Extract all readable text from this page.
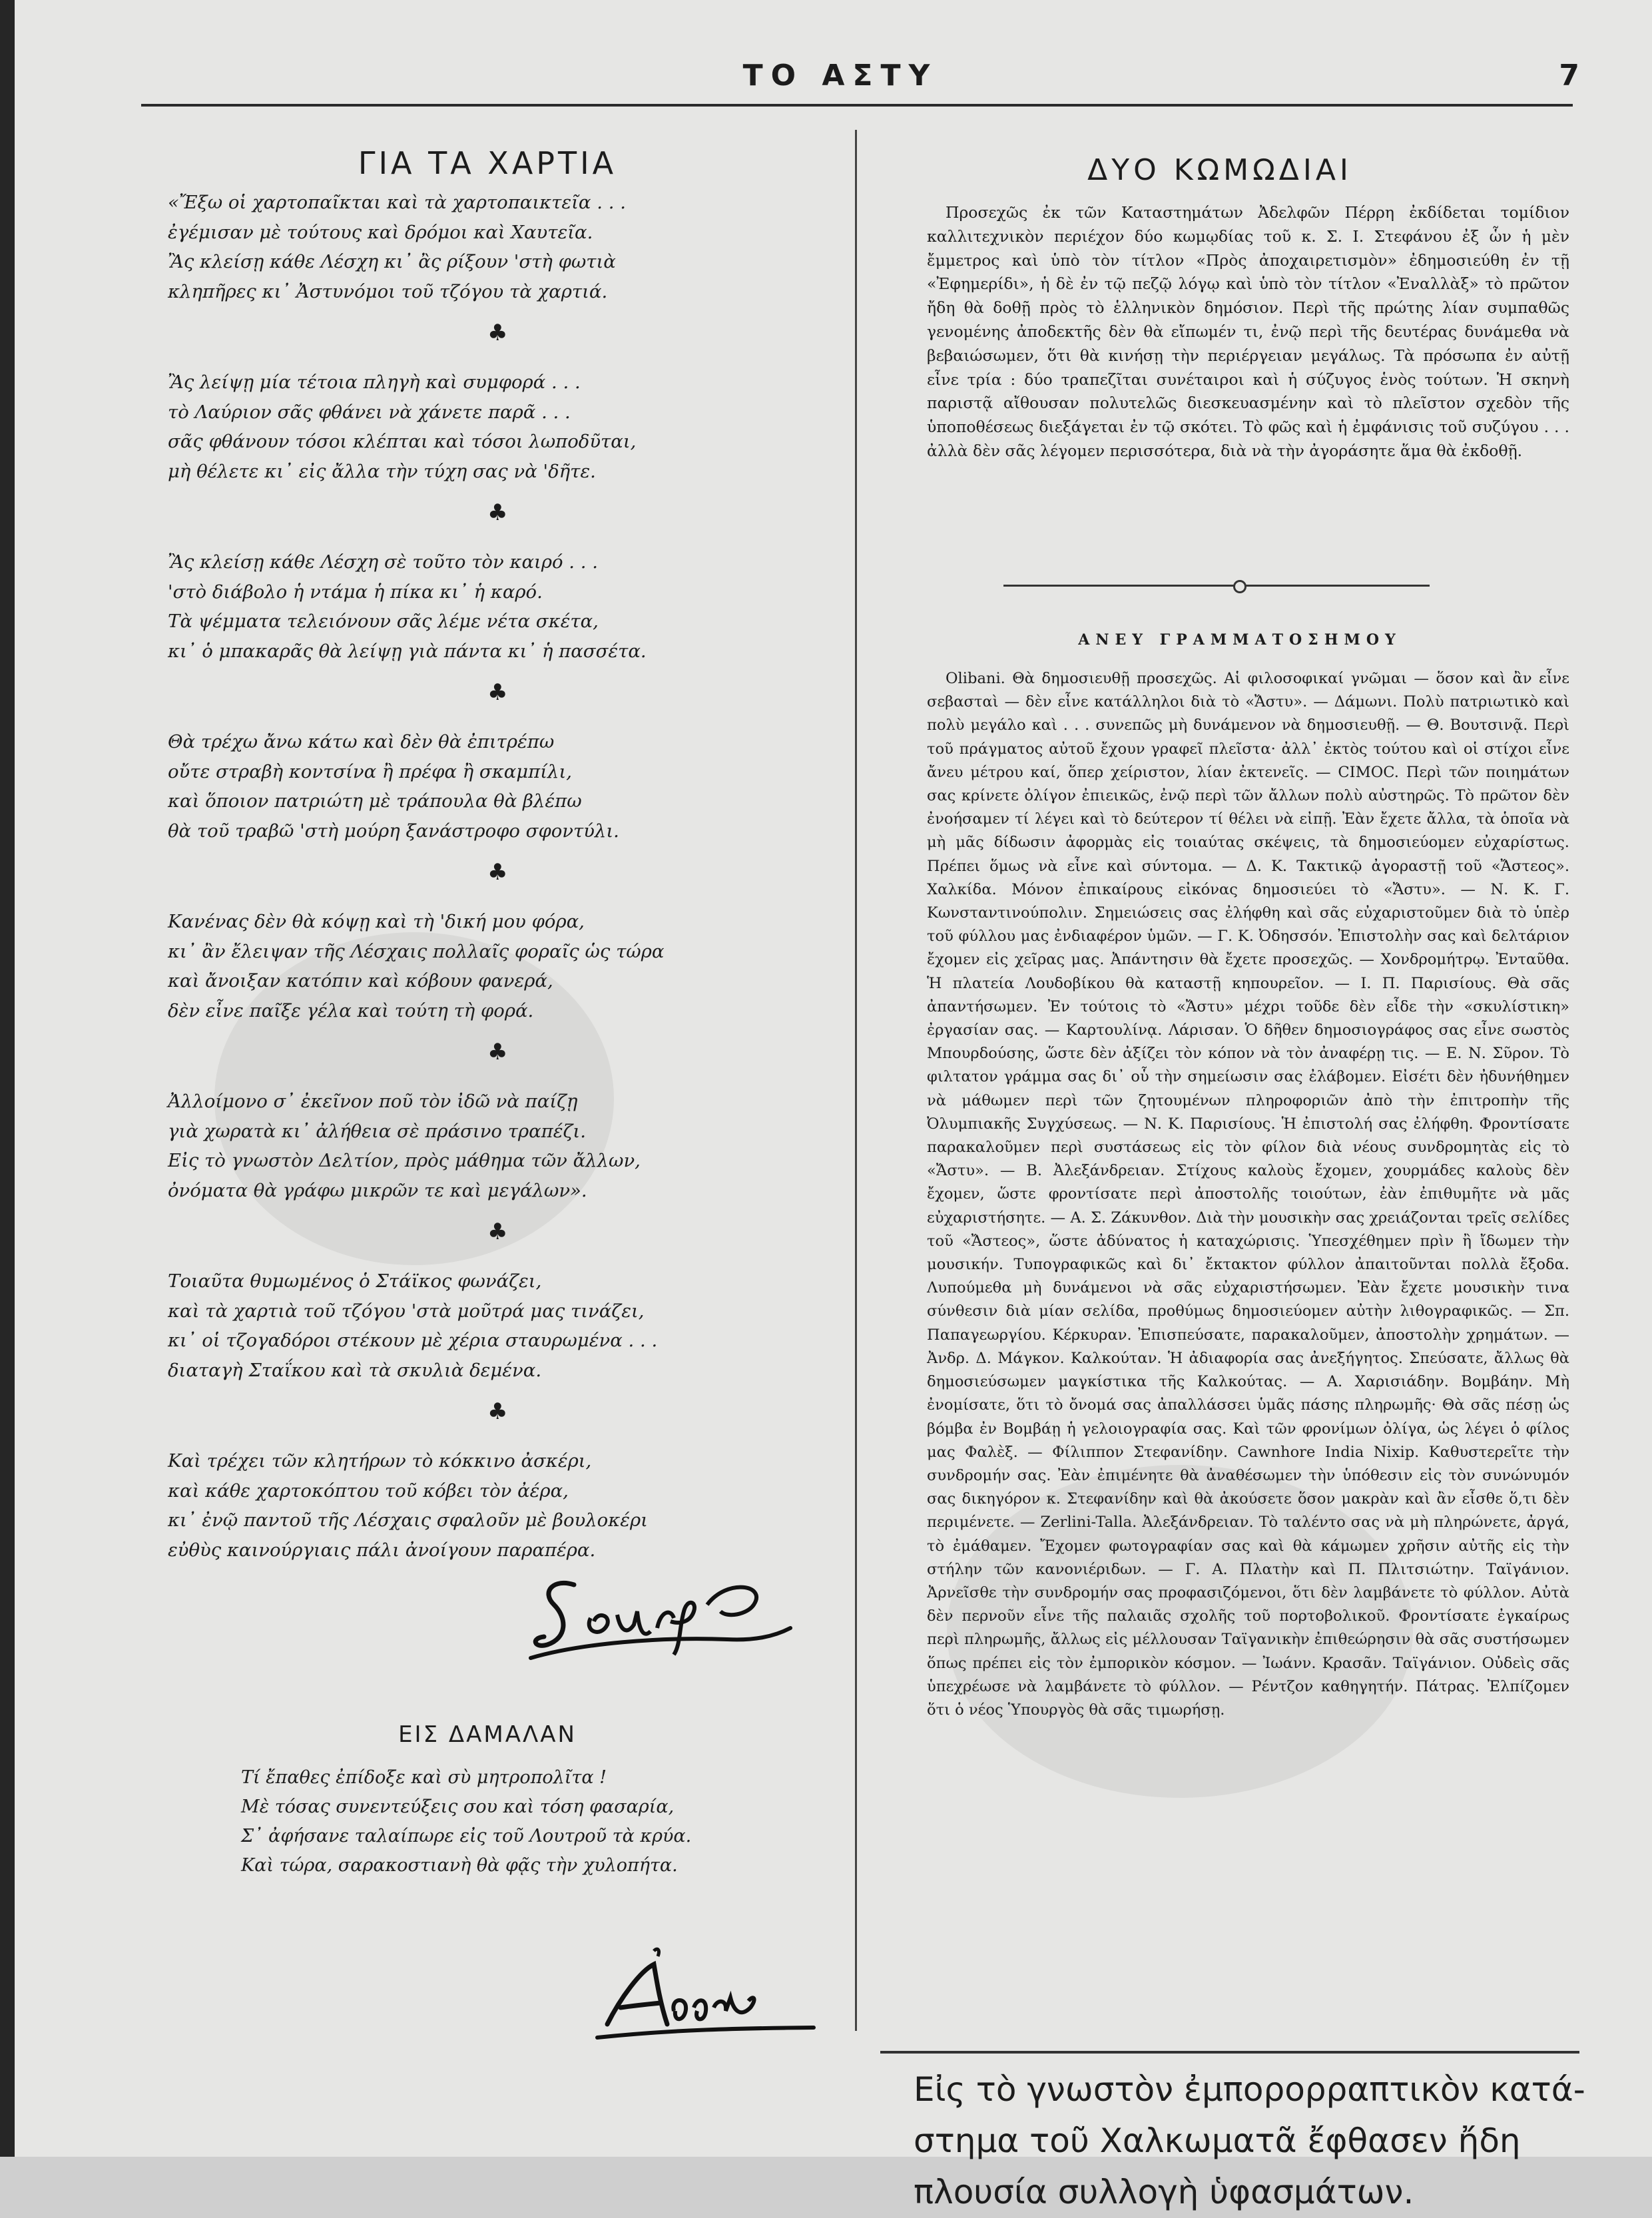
ΤΟ ΑΣΤΥ	7
ΓΙΑ ΤΑ ΧΑΡΤΙΑ
«Ἔξω οἱ χαρτοπαῖκται καὶ τὰ χαρτοπαικτεῖα . . .
ἐγέμισαν μὲ τούτους καὶ δρόμοι καὶ Χαυτεῖα.
Ἂς κλείσῃ κάθε Λέσχη κι᾽ ἂς ρίξουν 'στὴ φωτιὰ
κληπῆρες κι᾽ Ἀστυνόμοι τοῦ τζόγου τὰ χαρτιά.
♣
Ἂς λείψῃ μία τέτοια πληγὴ καὶ συμφορά . . .
τὸ Λαύριον σᾶς φθάνει νὰ χάνετε παρᾶ . . .
σᾶς φθάνουν τόσοι κλέπται καὶ τόσοι λωποδῦται,
μὴ θέλετε κι᾽ εἰς ἄλλα τὴν τύχη σας νὰ 'δῆτε.
♣
Ἂς κλείσῃ κάθε Λέσχη σὲ τοῦτο τὸν καιρό . . .
'στὸ διάβολο ἡ ντάμα ἡ πίκα κι᾽ ἡ καρό.
Τὰ ψέμματα τελειόνουν σᾶς λέμε νέτα σκέτα,
κι᾽ ὁ μπακαρᾶς θὰ λείψῃ γιὰ πάντα κι᾽ ἡ πασσέτα.
♣
Θὰ τρέχω ἄνω κάτω καὶ δὲν θὰ ἐπιτρέπω
οὔτε στραβὴ κοντσίνα ἢ πρέφα ἢ σκαμπίλι,
καὶ ὅποιον πατριώτη μὲ τράπουλα θὰ βλέπω
θὰ τοῦ τραβῶ 'στὴ μούρη ξανάστροφο σφοντύλι.
♣
Κανένας δὲν θὰ κόψῃ καὶ τὴ 'δική μου φόρα,
κι᾽ ἂν ἔλειψαν τῆς Λέσχαις πολλαῖς φοραῖς ὡς τώρα
καὶ ἄνοιξαν κατόπιν καὶ κόβουν φανερά,
δὲν εἶνε παῖξε γέλα καὶ τούτη τὴ φορά.
♣
Ἀλλοίμονο σ᾽ ἐκεῖνον ποῦ τὸν ἰδῶ νὰ παίζῃ
γιὰ χωρατὰ κι᾽ ἀλήθεια σὲ πράσινο τραπέζι.
Εἰς τὸ γνωστὸν Δελτίον, πρὸς μάθημα τῶν ἄλλων,
ὀνόματα θὰ γράφω μικρῶν τε καὶ μεγάλων».
♣
Τοιαῦτα θυμωμένος ὁ Στάϊκος φωνάζει,
καὶ τὰ χαρτιὰ τοῦ τζόγου 'στὰ μοῦτρά μας τινάζει,
κι᾽ οἱ τζογαδόροι στέκουν μὲ χέρια σταυρωμένα . . .
διαταγὴ Σταΐκου καὶ τὰ σκυλιὰ δεμένα.
♣
Καὶ τρέχει τῶν κλητήρων τὸ κόκκινο ἀσκέρι,
καὶ κάθε χαρτοκόπτου τοῦ κόβει τὸν ἀέρα,
κι᾽ ἐνῷ παντοῦ τῆς Λέσχαις σφαλοῦν μὲ βουλοκέρι
εὐθὺς καινούργιαις πάλι ἀνοίγουν παραπέρα.
ΕΙΣ ΔΑΜΑΛΑΝ
Τί ἔπαθες ἐπίδοξε καὶ σὺ μητροπολῖτα !
Μὲ τόσας συνεντεύξεις σου καὶ τόση φασαρία,
Σ᾽ ἀφήσανε ταλαίπωρε εἰς τοῦ Λουτροῦ τὰ κρύα.
Καὶ τώρα, σαρακοστιανὴ θὰ φᾷς τὴν χυλοπήτα.
ΔΥΟ ΚΩΜΩΔΙΑΙ

Προσεχῶς ἐκ τῶν Καταστημάτων Ἀδελφῶν Πέρρη ἐκδίδεται τομίδιον καλλιτεχνικὸν περιέχον δύο κωμῳδίας τοῦ κ. Σ. Ι. Στεφάνου ἐξ ὧν ἡ μὲν ἔμμετρος καὶ ὑπὸ τὸν τίτλον «Πρὸς ἀποχαιρετισμὸν» ἐδημοσιεύθη ἐν τῇ «Ἐφημερίδι», ἡ δὲ ἐν τῷ πεζῷ λόγῳ καὶ ὑπὸ τὸν τίτλον «Ἐναλλὰξ» τὸ πρῶτον ἤδη θὰ δοθῇ πρὸς τὸ ἑλληνικὸν δημόσιον. Περὶ τῆς πρώτης λίαν συμπαθῶς γενομένης ἀποδεκτῆς δὲν θὰ εἴπωμέν τι, ἐνῷ περὶ τῆς δευτέρας δυνάμεθα νὰ βεβαιώσωμεν, ὅτι θὰ κινήσῃ τὴν περιέργειαν μεγάλως. Τὰ πρόσωπα ἐν αὐτῇ εἶνε τρία : δύο τραπεζῖται συνέταιροι καὶ ἡ σύζυγος ἑνὸς τούτων. Ἡ σκηνὴ παριστᾷ αἴθουσαν πολυτελῶς διεσκευασμένην καὶ τὸ πλεῖστον σχεδὸν τῆς ὑποποθέσεως διεξάγεται ἐν τῷ σκότει. Τὸ φῶς καὶ ἡ ἐμφάνισις τοῦ συζύγου . . . ἀλλὰ δὲν σᾶς λέγομεν περισσότερα, διὰ νὰ τὴν ἀγοράσητε ἅμα θὰ ἐκδοθῇ.

ΑΝΕΥ ΓΡΑΜΜΑΤΟΣΗΜΟΥ

Olibani. Θὰ δημοσιευθῇ προσεχῶς. Αἱ φιλοσοφικαί γνῶμαι — ὅσον καὶ ἂν εἶνε σεβασταὶ — δὲν εἶνε κατάλληλοι διὰ τὸ «Ἄστυ». — Δάμωνι. Πολὺ πατριωτικὸ καὶ πολὺ μεγάλο καὶ . . . συνεπῶς μὴ δυνάμενον νὰ δημοσιευθῇ. — Θ. Βουτσινᾷ. Περὶ τοῦ πράγματος αὐτοῦ ἔχουν γραφεῖ πλεῖστα· ἀλλ᾽ ἐκτὸς τούτου καὶ οἱ στίχοι εἶνε ἄνευ μέτρου καί, ὅπερ χείριστον, λίαν ἐκτενεῖς. — CIMOC. Περὶ τῶν ποιημάτων σας κρίνετε ὀλίγον ἐπιεικῶς, ἐνῷ περὶ τῶν ἄλλων πολὺ αὐστηρῶς. Τὸ πρῶτον δὲν ἐνοήσαμεν τί λέγει καὶ τὸ δεύτερον τί θέλει νὰ εἰπῇ. Ἐὰν ἔχετε ἄλλα, τὰ ὁποῖα νὰ μὴ μᾶς δίδωσιν ἀφορμὰς εἰς τοιαύτας σκέψεις, τὰ δημοσιεύομεν εὐχαρίστως. Πρέπει ὅμως νὰ εἶνε καὶ σύντομα. — Δ. Κ. Τακτικῷ ἀγοραστῇ τοῦ «Ἄστεος». Χαλκίδα. Μόνον ἐπικαίρους εἰκόνας δημοσιεύει τὸ «Ἄστυ». — Ν. Κ. Γ. Κωνσταντινούπολιν. Σημειώσεις σας ἐλήφθη καὶ σᾶς εὐχαριστοῦμεν διὰ τὸ ὑπὲρ τοῦ φύλλου μας ἐνδιαφέρον ὑμῶν. — Γ. Κ. Ὀδησσόν. Ἐπιστολὴν σας καὶ δελτάριον ἔχομεν εἰς χεῖρας μας. Ἀπάντησιν θὰ ἔχετε προσεχῶς. — Χονδρομήτρῳ. Ἐνταῦθα. Ἡ πλατεία Λουδοβίκου θὰ καταστῇ κηπουρεῖον. — Ι. Π. Παρισίους. Θὰ σᾶς ἀπαντήσωμεν. Ἐν τούτοις τὸ «Ἄστυ» μέχρι τοῦδε δὲν εἶδε τὴν «σκυλίστικη» ἐργασίαν σας. — Καρτουλίνᾳ. Λάρισαν. Ὁ δῆθεν δημοσιογράφος σας εἶνε σωστὸς Μπουρδούσης, ὥστε δὲν ἀξίζει τὸν κόπον νὰ τὸν ἀναφέρῃ τις. — Ε. Ν. Σῦρον. Τὸ φιλτατον γράμμα σας δι᾽ οὗ τὴν σημείωσιν σας ἐλάβομεν. Εἰσέτι δὲν ἠδυνήθημεν νὰ μάθωμεν περὶ τῶν ζητουμένων πληροφοριῶν ἀπὸ τὴν ἐπιτροπὴν τῆς Ὀλυμπιακῆς Συγχύσεως. — Ν. Κ. Παρισίους. Ἡ ἐπιστολή σας ἐλήφθη. Φροντίσατε παρακαλοῦμεν περὶ συστάσεως εἰς τὸν φίλον διὰ νέους συνδρομητὰς εἰς τὸ «Ἄστυ». — Β. Ἀλεξάνδρειαν. Στίχους καλοὺς ἔχομεν, χουρμάδες καλοὺς δὲν ἔχομεν, ὥστε φροντίσατε περὶ ἀποστολῆς τοιούτων, ἐὰν ἐπιθυμῆτε νὰ μᾶς εὐχαριστήσητε. — Α. Σ. Ζάκυνθον. Διὰ τὴν μουσικὴν σας χρειάζονται τρεῖς σελίδες τοῦ «Ἄστεος», ὥστε ἀδύνατος ἡ καταχώρισις. Ὑπεσχέθημεν πρὶν ἢ ἴδωμεν τὴν μουσικήν. Τυπογραφικῶς καὶ δι᾽ ἔκτακτον φύλλον ἀπαιτοῦνται πολλὰ ἔξοδα. Λυπούμεθα μὴ δυνάμενοι νὰ σᾶς εὐχαριστήσωμεν. Ἐὰν ἔχετε μουσικὴν τινα σύνθεσιν διὰ μίαν σελίδα, προθύμως δημοσιεύομεν αὐτὴν λιθογραφικῶς. — Σπ. Παπαγεωργίου. Κέρκυραν. Ἐπισπεύσατε, παρακαλοῦμεν, ἀποστολὴν χρημάτων. — Ἀνδρ. Δ. Μάγκον. Καλκούταν. Ἡ ἀδιαφορία σας ἀνεξήγητος. Σπεύσατε, ἄλλως θὰ δημοσιεύσωμεν μαγκίστικα τῆς Καλκούτας. — Α. Χαρισιάδην. Βομβάην. Μὴ ἐνομίσατε, ὅτι τὸ ὄνομά σας ἀπαλλάσσει ὑμᾶς πάσης πληρωμῆς· Θὰ σᾶς πέσῃ ὡς βόμβα ἐν Βομβάῃ ἡ γελοιογραφία σας. Καὶ τῶν φρονίμων ὀλίγα, ὡς λέγει ὁ φίλος μας Φαλὲξ. — Φίλιππον Στεφανίδην. Cawnhore India Nixip. Καθυστερεῖτε τὴν συνδρομήν σας. Ἐὰν ἐπιμένητε θὰ ἀναθέσωμεν τὴν ὑπόθεσιν εἰς τὸν συνώνυμόν σας δικηγόρον κ. Στεφανίδην καὶ θὰ ἀκούσετε ὅσον μακρὰν καὶ ἂν εἶσθε ὅ,τι δὲν περιμένετε. — Zerlini-Talla. Ἀλεξάνδρειαν. Τὸ ταλέντο σας νὰ μὴ πληρώνετε, ἀργά, τὸ ἐμάθαμεν. Ἔχομεν φωτογραφίαν σας καὶ θὰ κάμωμεν χρῆσιν αὐτῆς εἰς τὴν στήλην τῶν κανονιέριδων. — Γ. Α. Πλατὴν καὶ Π. Πλιτσιώτην. Ταϊγάνιον. Ἀρνεῖσθε τὴν συνδρομήν σας προφασιζόμενοι, ὅτι δὲν λαμβάνετε τὸ φύλλον. Αὐτὰ δὲν περνοῦν εἶνε τῆς παλαιᾶς σχολῆς τοῦ πορτοβολικοῦ. Φροντίσατε ἐγκαίρως περὶ πληρωμῆς, ἄλλως εἰς μέλλουσαν Ταϊγανικὴν ἐπιθεώρησιν θὰ σᾶς συστήσωμεν ὅπως πρέπει εἰς τὸν ἐμπορικὸν κόσμον. — Ἰωάνν. Κρασᾶν. Ταϊγάνιον. Οὐδεὶς σᾶς ὑπεχρέωσε νὰ λαμβάνετε τὸ φύλλον. — Ρέντζον καθηγητήν. Πάτρας. Ἐλπίζομεν ὅτι ὁ νέος Ὑπουργὸς θὰ σᾶς τιμωρήσῃ.

Εἰς τὸ γνωστὸν ἐμπορορραπτικὸν κατά-
στημα τοῦ Χαλκωματᾶ ἔφθασεν ἤδη
πλουσία συλλογὴ ὑφασμάτων.
